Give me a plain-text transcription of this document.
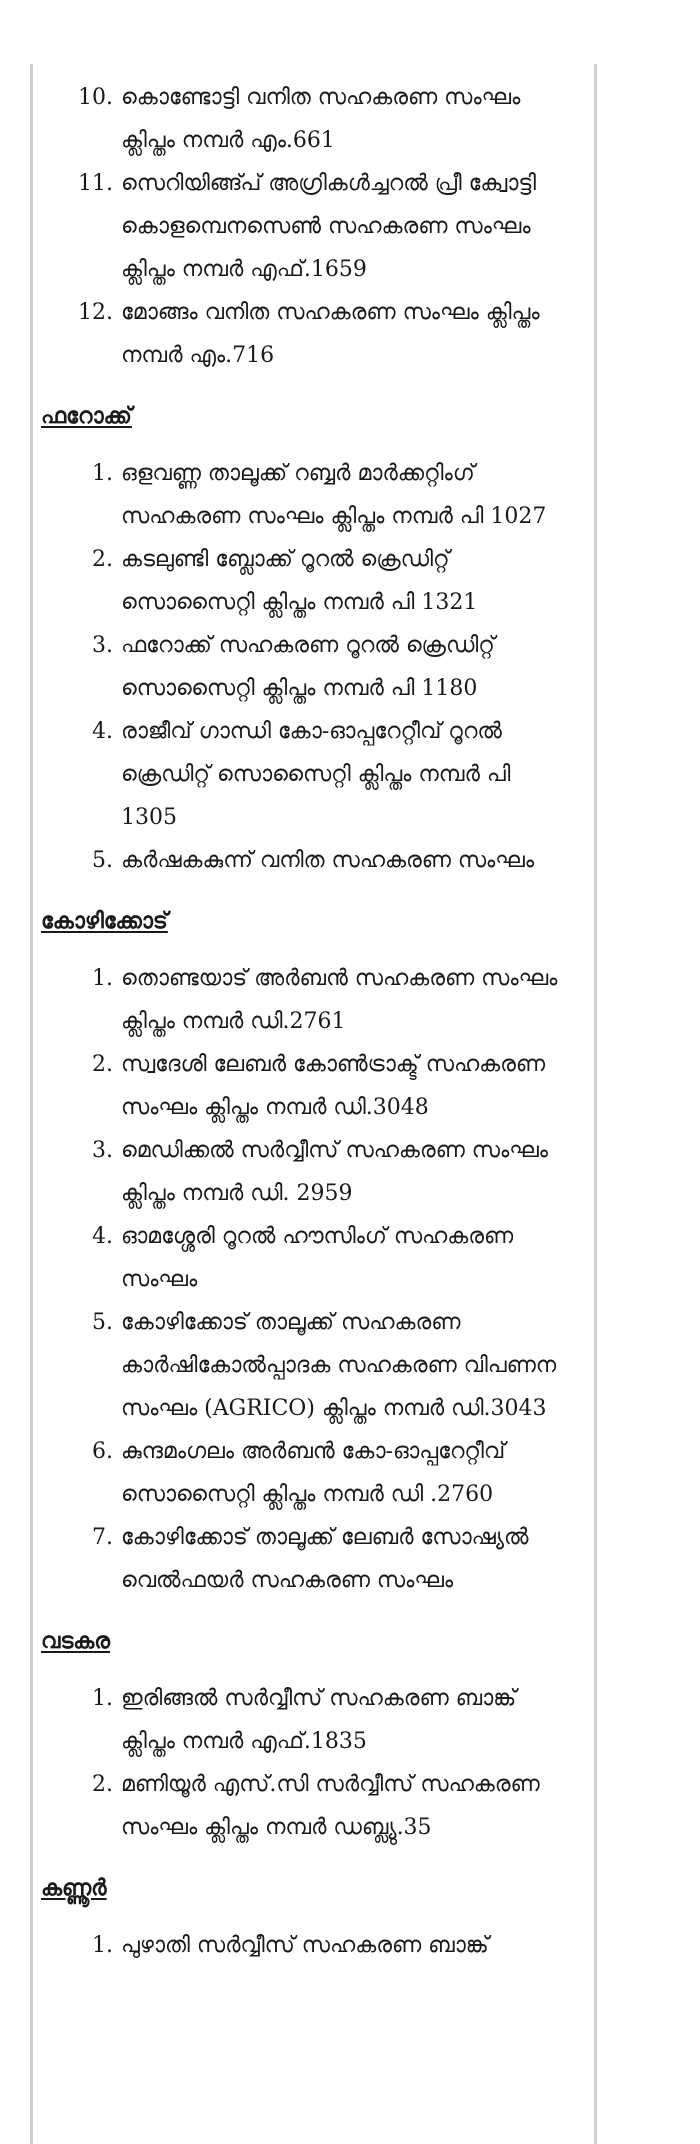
10. കൊണ്ടോട്ടി വനിത സഹകരണ സംഘം
ക്ലിപ്തം നമ്പർ എം.661
11. സെറിയിങ്ങ്പ് അഗ്രികൾച്ചറൽ പ്രീ ക്വോട്ടി
കൊളമ്പെനസെൺ സഹകരണ സംഘം
ക്ലിപ്തം നമ്പർ എഫ്.1659
12. മോങ്ങം വനിത സഹകരണ സംഘം ക്ലിപ്തം
നമ്പർ എം.716

ഫറോക്ക്

1. ഒളവണ്ണ താലൂക്ക് റബ്ബർ മാർക്കറ്റിംഗ്
സഹകരണ സംഘം ക്ലിപ്തം നമ്പർ പി 1027
2. കടലുണ്ടി ബ്ലോക്ക് റൂറൽ ക്രെഡിറ്റ്
സൊസൈറ്റി ക്ലിപ്തം നമ്പർ പി 1321
3. ഫറോക്ക് സഹകരണ റൂറൽ ക്രെഡിറ്റ്
സൊസൈറ്റി ക്ലിപ്തം നമ്പർ പി 1180
4. രാജീവ് ഗാന്ധി കോ-ഓപ്പറേറ്റീവ് റൂറൽ
ക്രെഡിറ്റ് സൊസൈറ്റി ക്ലിപ്തം നമ്പർ പി
1305
5. കർഷകകുന്ന് വനിത സഹകരണ സംഘം

കോഴിക്കോട്

1. തൊണ്ടയാട് അർബൻ സഹകരണ സംഘം
ക്ലിപ്തം നമ്പർ ഡി.2761
2. സ്വദേശി ലേബർ കോൺട്രാക്ട് സഹകരണ
സംഘം ക്ലിപ്തം നമ്പർ ഡി.3048
3. മെഡിക്കൽ സർവ്വീസ് സഹകരണ സംഘം
ക്ലിപ്തം നമ്പർ ഡി. 2959
4. ഓമശ്ശേരി റൂറൽ ഹൗസിംഗ് സഹകരണ
സംഘം
5. കോഴിക്കോട് താലൂക്ക് സഹകരണ
കാർഷികോൽപ്പാദക സഹകരണ വിപണന
സംഘം (AGRICO) ക്ലിപ്തം നമ്പർ ഡി.3043
6. കുന്ദമംഗലം അർബൻ കോ-ഓപ്പറേറ്റീവ്
സൊസൈറ്റി ക്ലിപ്തം നമ്പർ ഡി .2760
7. കോഴിക്കോട് താലൂക്ക് ലേബർ സോഷ്യൽ
വെൽഫയർ സഹകരണ സംഘം

വടകര

1. ഇരിങ്ങൽ സർവ്വീസ് സഹകരണ ബാങ്ക്
ക്ലിപ്തം നമ്പർ എഫ്.1835
2. മണിയൂർ എസ്.സി സർവ്വീസ് സഹകരണ
സംഘം ക്ലിപ്തം നമ്പർ ഡബ്ല്യു.35

കണ്ണൂർ

1. പുഴാതി സർവ്വീസ് സഹകരണ ബാങ്ക്
